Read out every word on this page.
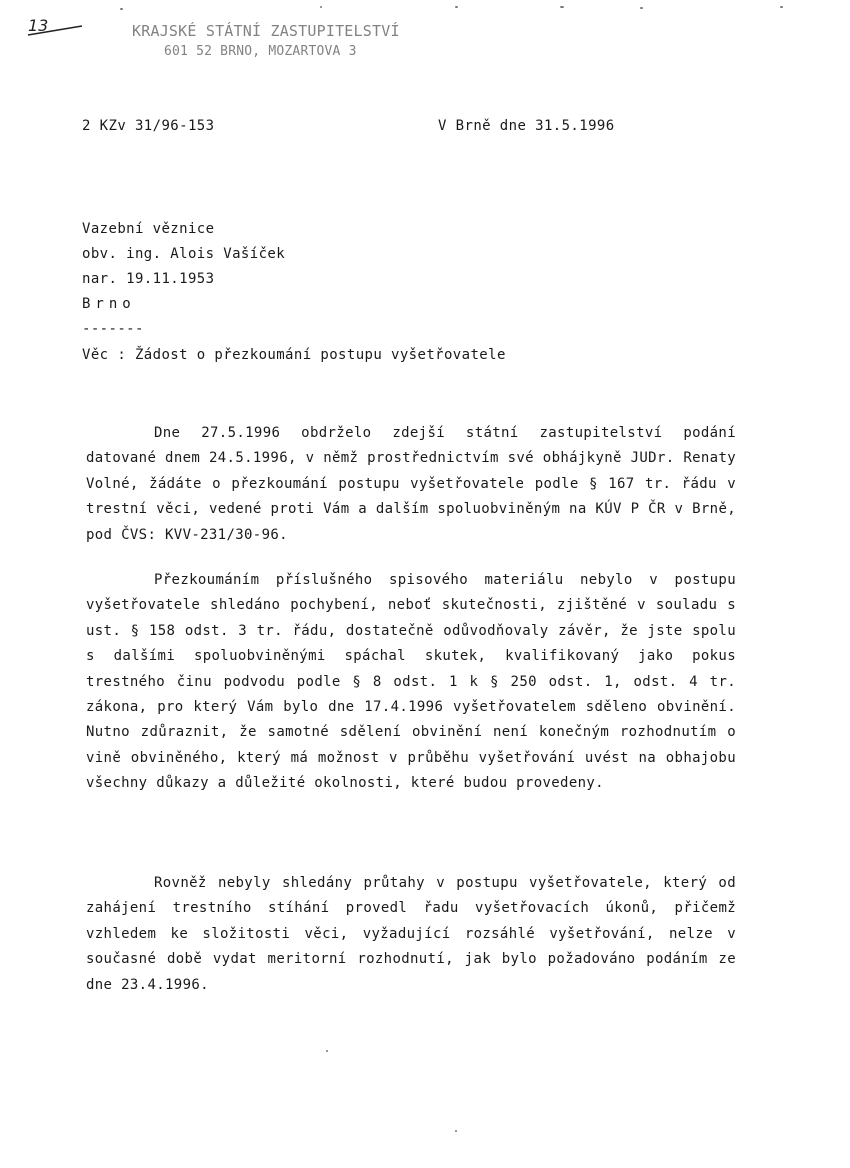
13	KRAJSKÉ STÁTNÍ ZASTUPITELSTVÍ
601 52 BRNO, MOZARTOVA 3
2 KZv 31/96-153	V Brně dne 31.5.1996
Vazební věznice
obv. ing. Alois Vašíček
nar. 19.11.1953
Brno
-------
Věc : Žádost o přezkoumání postupu vyšetřovatele
Dne 27.5.1996 obdrželo zdejší státní zastupitelství podání datované dnem 24.5.1996, v němž prostřednictvím své obhájkyně JUDr. Renaty Volné, žádáte o přezkoumání postupu vyšetřovatele podle § 167 tr. řádu v trestní věci, vedené proti Vám a dalším spoluobviněným na KÚV P ČR v Brně, pod ČVS: KVV-231/30-96.
Přezkoumáním příslušného spisového materiálu nebylo v postupu vyšetřovatele shledáno pochybení, neboť skutečnosti, zjištěné v souladu s ust. § 158 odst. 3 tr. řádu, dostatečně odůvodňovaly závěr, že jste spolu s dalšími spoluobviněnými spáchal skutek, kvalifikovaný jako pokus trestného činu podvodu podle § 8 odst. 1 k § 250 odst. 1, odst. 4 tr. zákona, pro který Vám bylo dne 17.4.1996 vyšetřovatelem sděleno obvinění. Nutno zdůraznit, že samotné sdělení obvinění není konečným rozhodnutím o vině obviněného, který má možnost v průběhu vyšetřování uvést na obhajobu všechny důkazy a důležité okolnosti, které budou provedeny.
Rovněž nebyly shledány průtahy v postupu vyšetřovatele, který od zahájení trestního stíhání provedl řadu vyšetřovacích úkonů, přičemž vzhledem ke složitosti věci, vyžadující rozsáhlé vyšetřování, nelze v současné době vydat meritorní rozhodnutí, jak bylo požadováno podáním ze dne 23.4.1996.
